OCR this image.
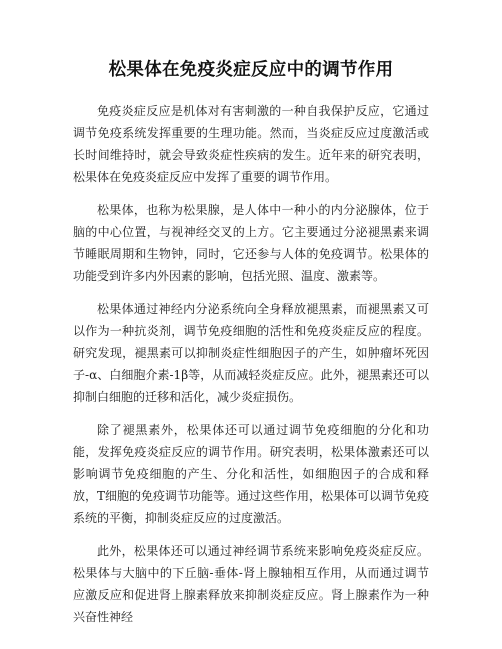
松果体在免疫炎症反应中的调节作用

免疫炎症反应是机体对有害刺激的一种自我保护反应，它通过调节免疫系统发挥重要的生理功能。然而，当炎症反应过度激活或长时间维持时，就会导致炎症性疾病的发生。近年来的研究表明，松果体在免疫炎症反应中发挥了重要的调节作用。

松果体，也称为松果腺，是人体中一种小的内分泌腺体，位于脑的中心位置，与视神经交叉的上方。它主要通过分泌褪黑素来调节睡眠周期和生物钟，同时，它还参与人体的免疫调节。松果体的功能受到许多内外因素的影响，包括光照、温度、激素等。

松果体通过神经内分泌系统向全身释放褪黑素，而褪黑素又可以作为一种抗炎剂，调节免疫细胞的活性和免疫炎症反应的程度。研究发现，褪黑素可以抑制炎症性细胞因子的产生，如肿瘤坏死因子-α、白细胞介素-1β等，从而减轻炎症反应。此外，褪黑素还可以抑制白细胞的迁移和活化，减少炎症损伤。

除了褪黑素外，松果体还可以通过调节免疫细胞的分化和功能，发挥免疫炎症反应的调节作用。研究表明，松果体激素还可以影响调节免疫细胞的产生、分化和活性，如细胞因子的合成和释放，T细胞的免疫调节功能等。通过这些作用，松果体可以调节免疫系统的平衡，抑制炎症反应的过度激活。

此外，松果体还可以通过神经调节系统来影响免疫炎症反应。松果体与大脑中的下丘脑-垂体-肾上腺轴相互作用，从而通过调节应激反应和促进肾上腺素释放来抑制炎症反应。肾上腺素作为一种兴奋性神经
